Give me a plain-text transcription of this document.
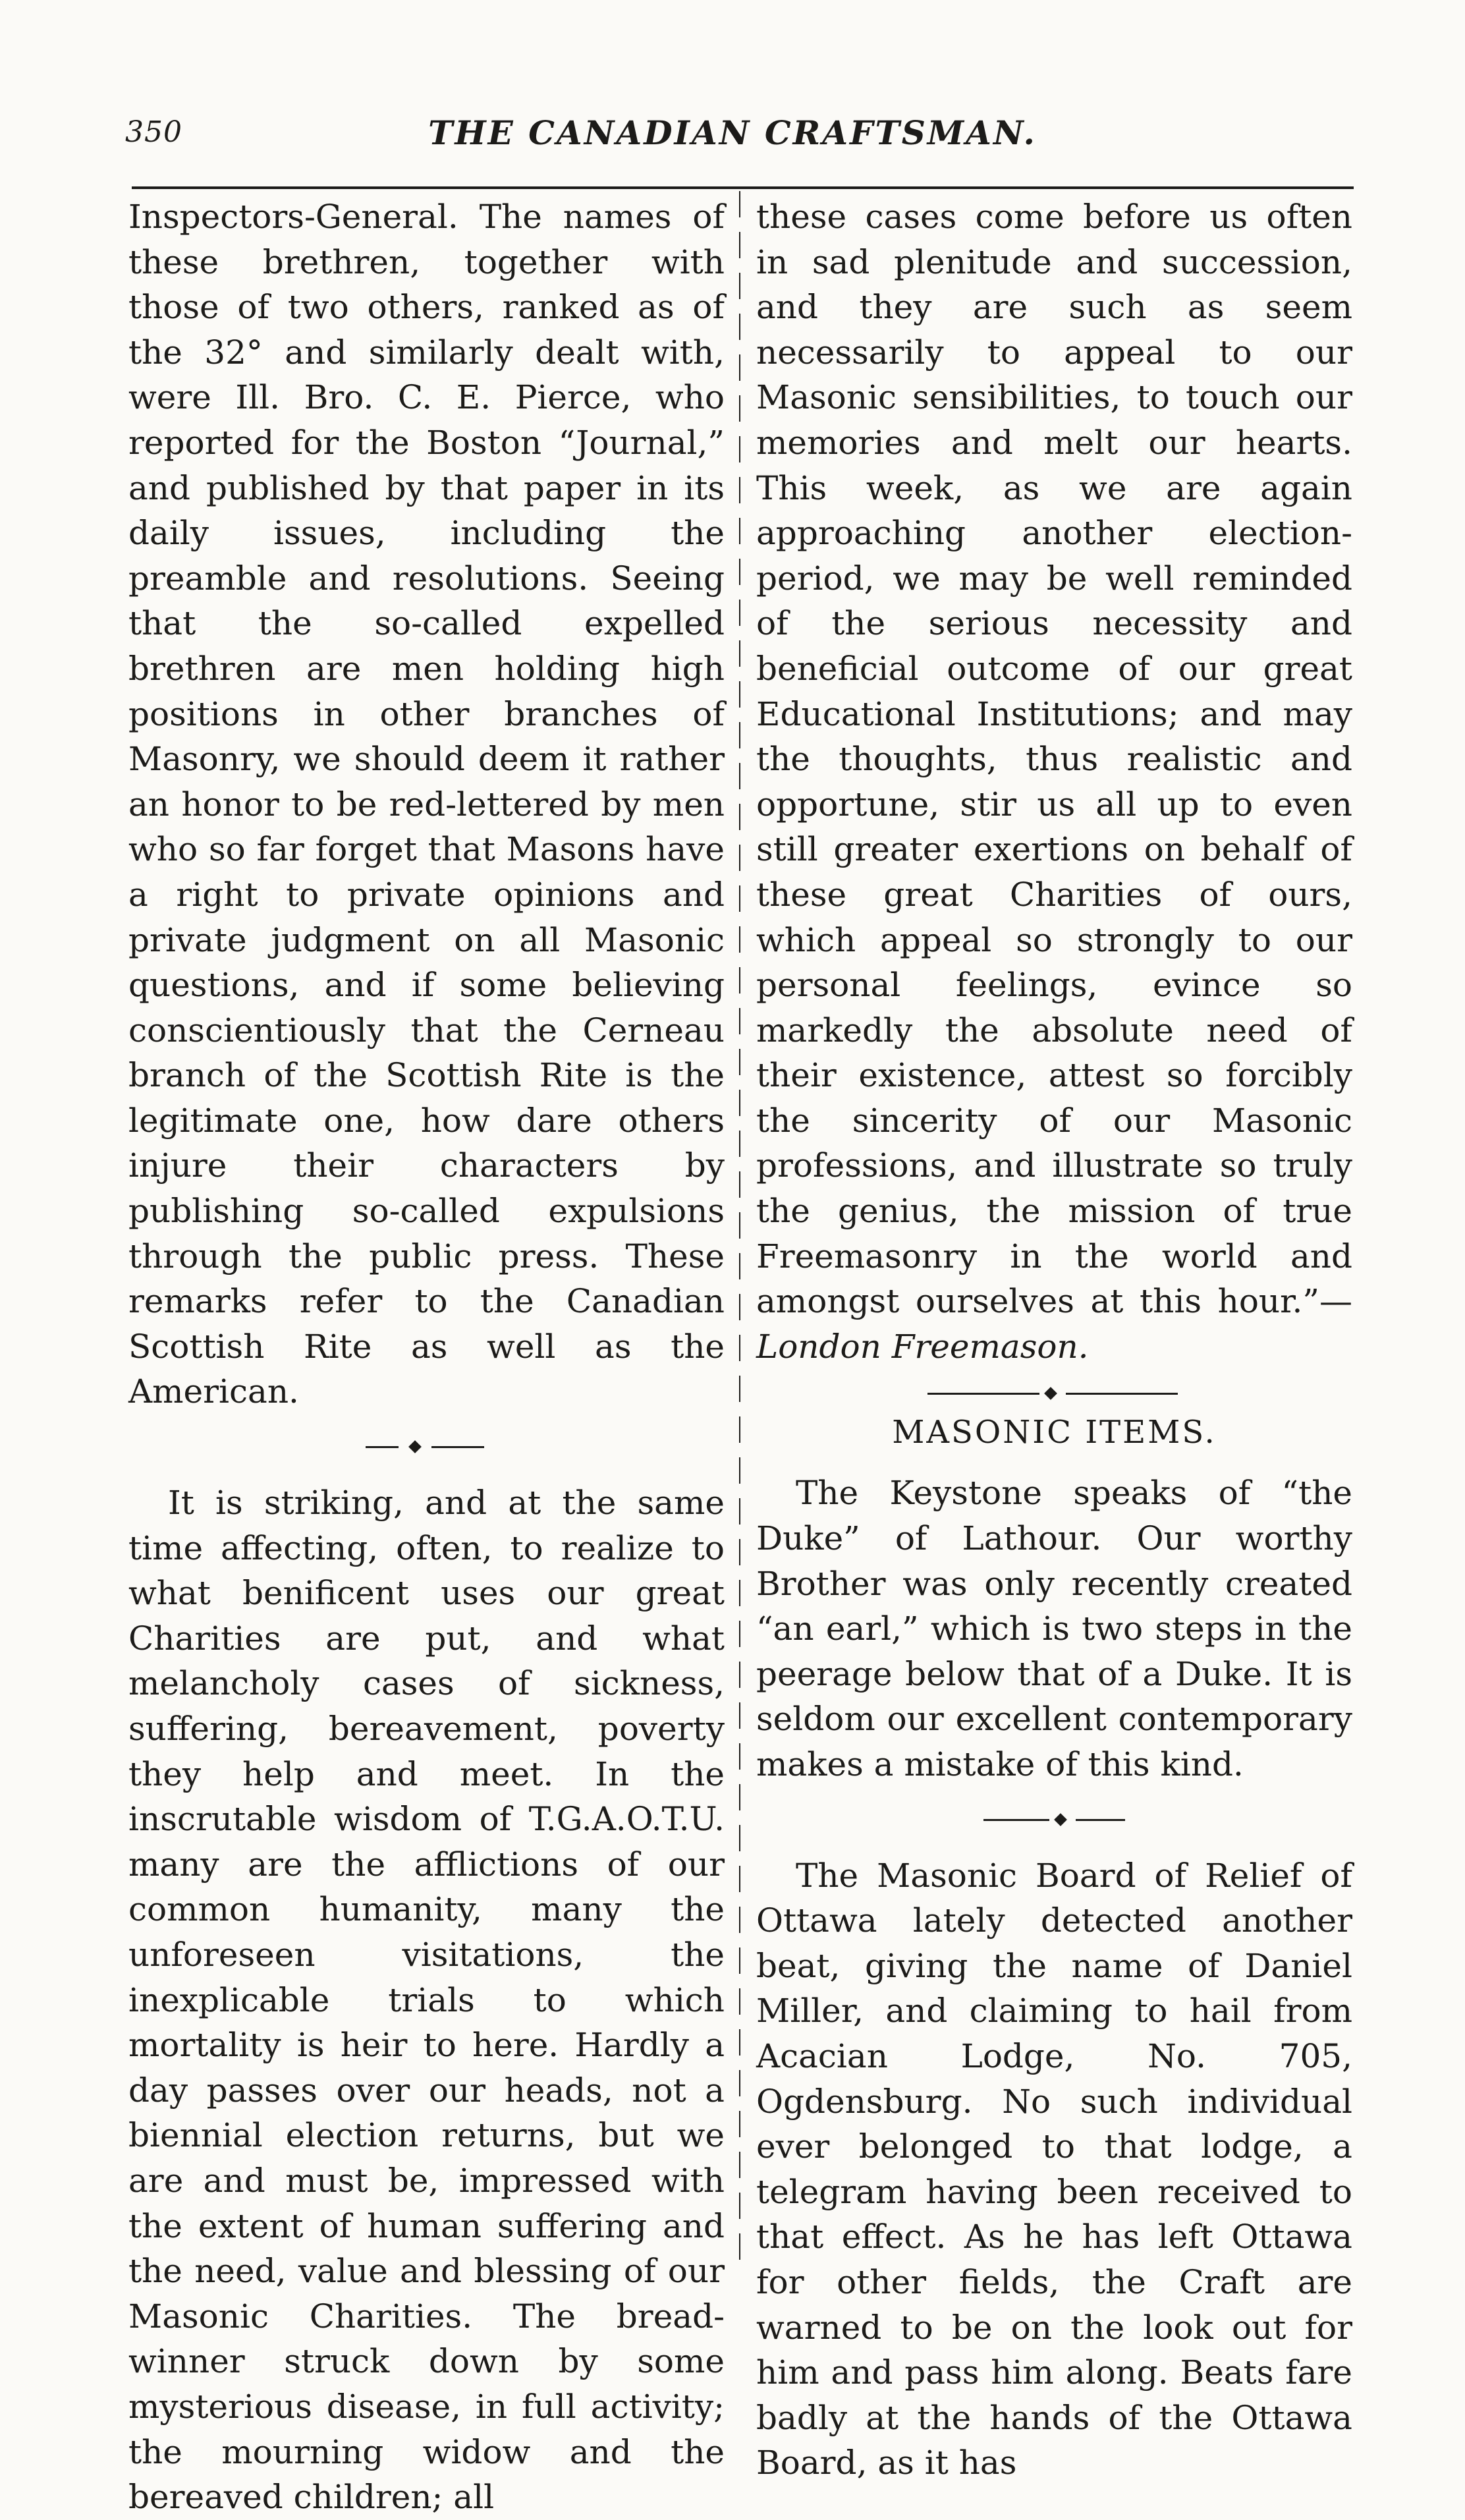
350	THE CANADIAN CRAFTSMAN.

Inspectors-General. The names of these brethren, together with those of two others, ranked as of the 32° and similarly dealt with, were Ill. Bro. C. E. Pierce, who reported for the Boston “Journal,” and published by that paper in its daily issues, including the preamble and resolutions. Seeing that the so-called expelled brethren are men holding high positions in other branches of Masonry, we should deem it rather an honor to be red-lettered by men who so far forget that Masons have a right to private opinions and private judgment on all Masonic questions, and if some believing conscientiously that the Cerneau branch of the Scottish Rite is the legitimate one, how dare others injure their characters by publishing so-called expulsions through the public press. These remarks refer to the Canadian Scottish Rite as well as the American.

It is striking, and at the same time affecting, often, to realize to what benificent uses our great Charities are put, and what melancholy cases of sickness, suffering, bereavement, poverty they help and meet. In the inscrutable wisdom of T.G.A.O.T.U. many are the afflictions of our common humanity, many the unforeseen visitations, the inexplicable trials to which mortality is heir to here. Hardly a day passes over our heads, not a biennial election returns, but we are and must be, impressed with the extent of human suffering and the need, value and blessing of our Masonic Charities. The bread-winner struck down by some mysterious disease, in full activity; the mourning widow and the bereaved children; all

these cases come before us often in sad plenitude and succession, and they are such as seem necessarily to appeal to our Masonic sensibilities, to touch our memories and melt our hearts. This week, as we are again approaching another election-period, we may be well reminded of the serious necessity and beneficial outcome of our great Educational Institutions; and may the thoughts, thus realistic and opportune, stir us all up to even still greater exertions on behalf of these great Charities of ours, which appeal so strongly to our personal feelings, evince so markedly the absolute need of their existence, attest so forcibly the sincerity of our Masonic professions, and illustrate so truly the genius, the mission of true Freemasonry in the world and amongst ourselves at this hour.”— London Freemason.

MASONIC ITEMS.

The Keystone speaks of “the Duke” of Lathour. Our worthy Brother was only recently created “an earl,” which is two steps in the peerage below that of a Duke. It is seldom our excellent contemporary makes a mistake of this kind.

The Masonic Board of Relief of Ottawa lately detected another beat, giving the name of Daniel Miller, and claiming to hail from Acacian Lodge, No. 705, Ogdensburg. No such individual ever belonged to that lodge, a telegram having been received to that effect. As he has left Ottawa for other fields, the Craft are warned to be on the look out for him and pass him along. Beats fare badly at the hands of the Ottawa Board, as it has
